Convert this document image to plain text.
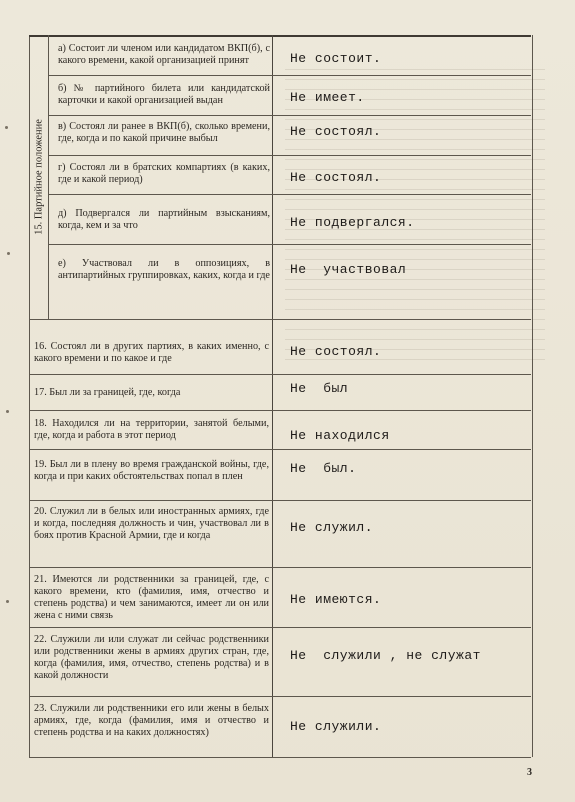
15. Партийное положение
а) Состоит ли членом или кандидатом ВКП(б), с какого времени, какой организацией принят
б) № партийного билета или кандидатской карточки и какой организацией выдан
в) Состоял ли ранее в ВКП(б), сколько времени, где, когда и по какой причине выбыл
г) Состоял ли в братских компартиях (в каких, где и какой период)
д) Подвергался ли партийным взысканиям, когда, кем и за что
е) Участвовал ли в оппозициях, в антипартийных группировках, каких, когда и где
16. Состоял ли в других партиях, в каких именно, с какого времени и по какое и где
17. Был ли за границей, где, когда
18. Находился ли на территории, занятой белыми, где, когда и работа в этот период
19. Был ли в плену во время гражданской войны, где, когда и при каких обстоятельствах попал в плен
20. Служил ли в белых или иностранных армиях, где и когда, последняя должность и чин, участвовал ли в боях против Красной Армии, где и когда
21. Имеются ли родственники за границей, где, с какого времени, кто (фамилия, имя, отчество и степень родства) и чем занимаются, имеет ли он или жена с ними связь
22. Служили ли или служат ли сейчас родственники или родственники жены в армиях других стран, где, когда (фамилия, имя, отчество, степень родства) и в какой должности
23. Служили ли родственники его или жены в белых армиях, где, когда (фамилия, имя и отчество и степень родства и на каких должностях)
Не состоит.
Не имеет.
Не состоял.
Не состоял.
Не подвергался.
Не  участвовал
Не состоял.
Не  был
Не находился
Не  был.
Не служил.
Не имеются.
Не  служили , не служат
Не служили.
3
